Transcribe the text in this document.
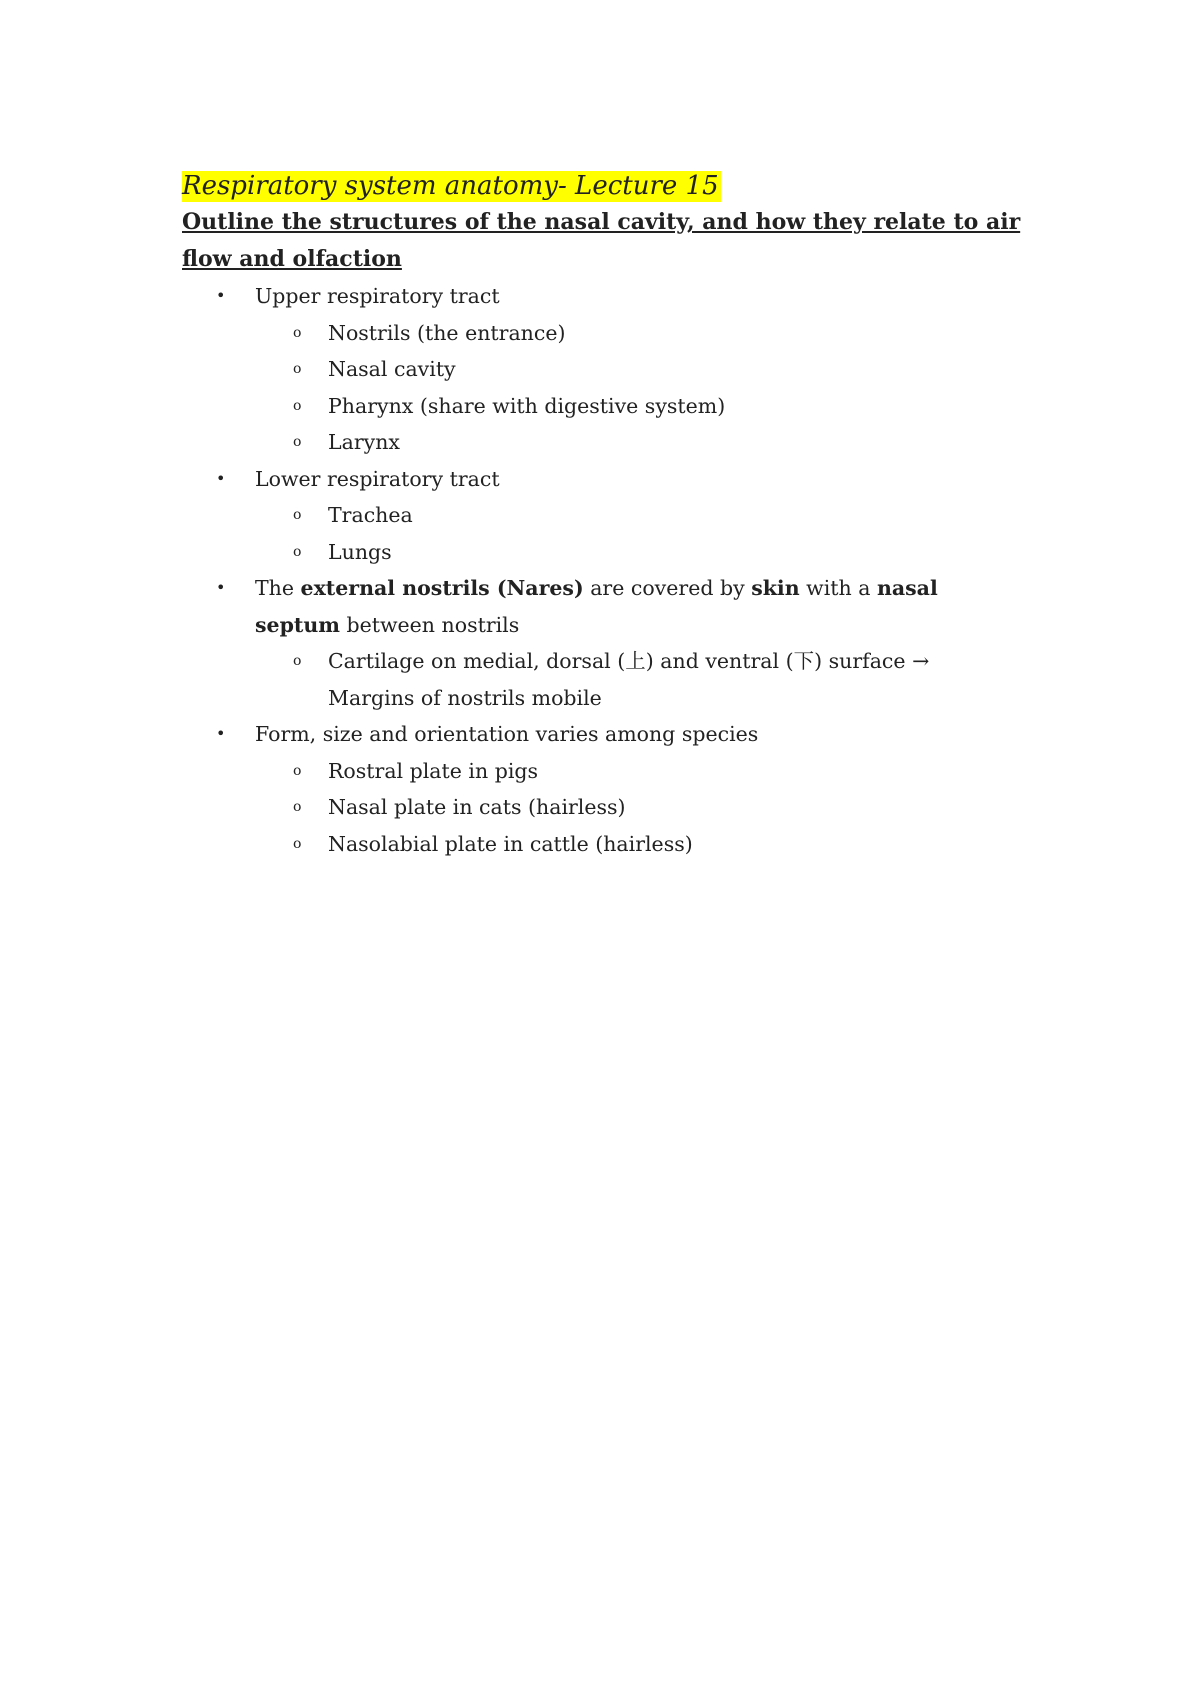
Respiratory system anatomy- Lecture 15

Outline the structures of the nasal cavity, and how they relate to air

flow and olfaction

• Upper respiratory tract

o Nostrils (the entrance)

o Nasal cavity

o Pharynx (share with digestive system)

o Larynx

• Lower respiratory tract

o Trachea

o Lungs

• The external nostrils (Nares) are covered by skin with a nasal

septum between nostrils

o Cartilage on medial, dorsal (上) and ventral (下) surface →

Margins of nostrils mobile

• Form, size and orientation varies among species

o Rostral plate in pigs

o Nasal plate in cats (hairless)

o Nasolabial plate in cattle (hairless)
